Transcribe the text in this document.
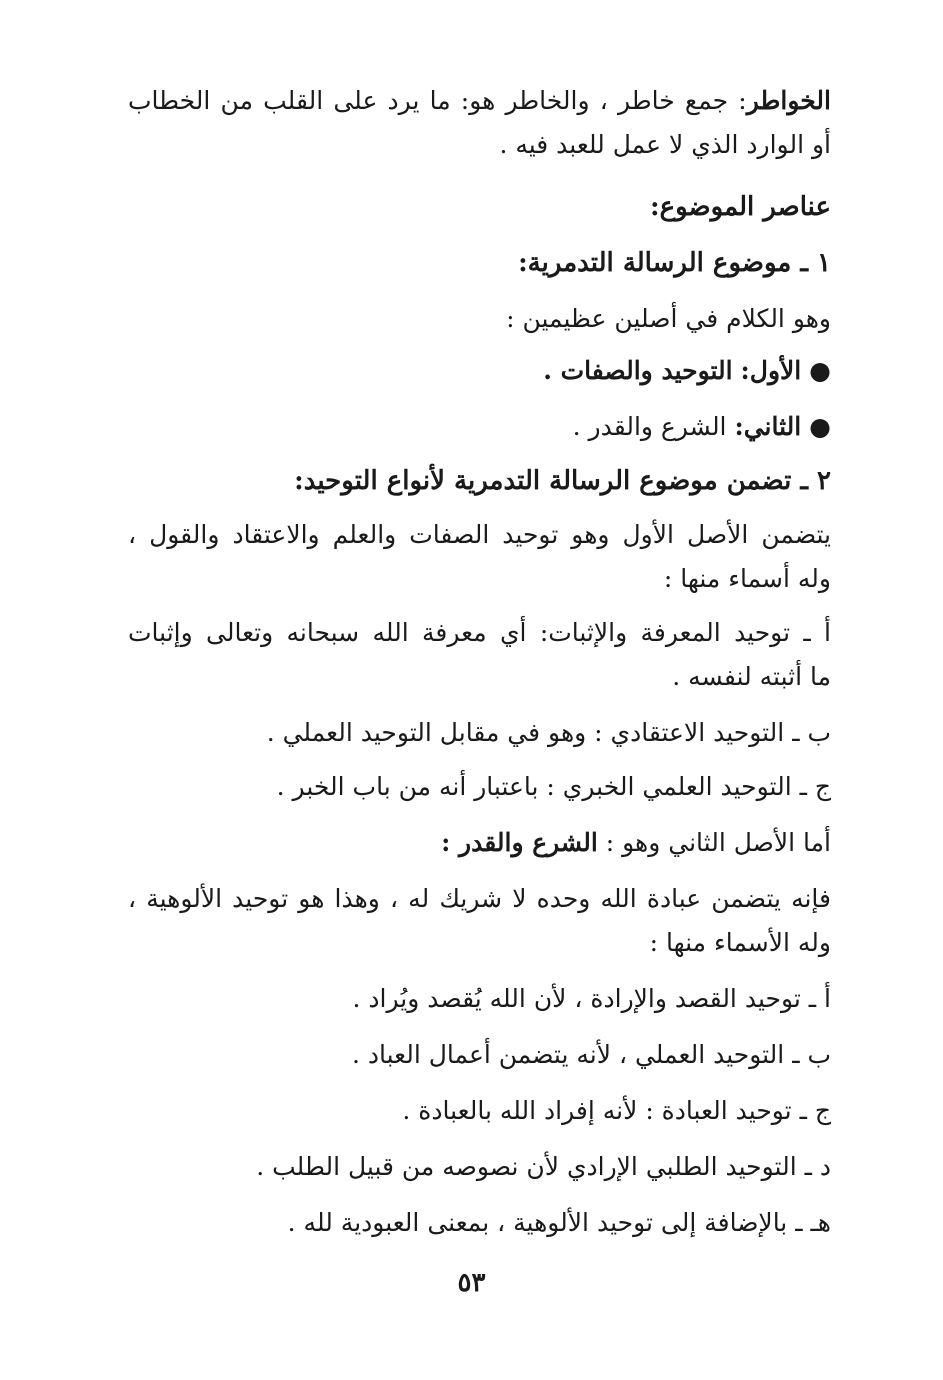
الخواطر: جمع خاطر ، والخاطر هو: ما يرد على القلب من الخطاب
أو الوارد الذي لا عمل للعبد فيه .
عناصر الموضوع:
١ ـ موضوع الرسالة التدمرية:
وهو الكلام في أصلين عظيمين :
● الأول: التوحيد والصفات .
● الثاني: الشرع والقدر .
٢ ـ تضمن موضوع الرسالة التدمرية لأنواع التوحيد:
يتضمن الأصل الأول وهو توحيد الصفات والعلم والاعتقاد والقول ،
وله أسماء منها :
أ ـ توحيد المعرفة والإثبات: أي معرفة الله سبحانه وتعالى وإثبات
ما أثبته لنفسه .
ب ـ التوحيد الاعتقادي : وهو في مقابل التوحيد العملي .
ج ـ التوحيد العلمي الخبري : باعتبار أنه من باب الخبر .
أما الأصل الثاني وهو : الشرع والقدر :
فإنه يتضمن عبادة الله وحده لا شريك له ، وهذا هو توحيد الألوهية ،
وله الأسماء منها :
أ ـ توحيد القصد والإرادة ، لأن الله يُقصد ويُراد .
ب ـ التوحيد العملي ، لأنه يتضمن أعمال العباد .
ج ـ توحيد العبادة : لأنه إفراد الله بالعبادة .
د ـ التوحيد الطلبي الإرادي لأن نصوصه من قبيل الطلب .
هـ ـ بالإضافة إلى توحيد الألوهية ، بمعنى العبودية لله .
٥٣
